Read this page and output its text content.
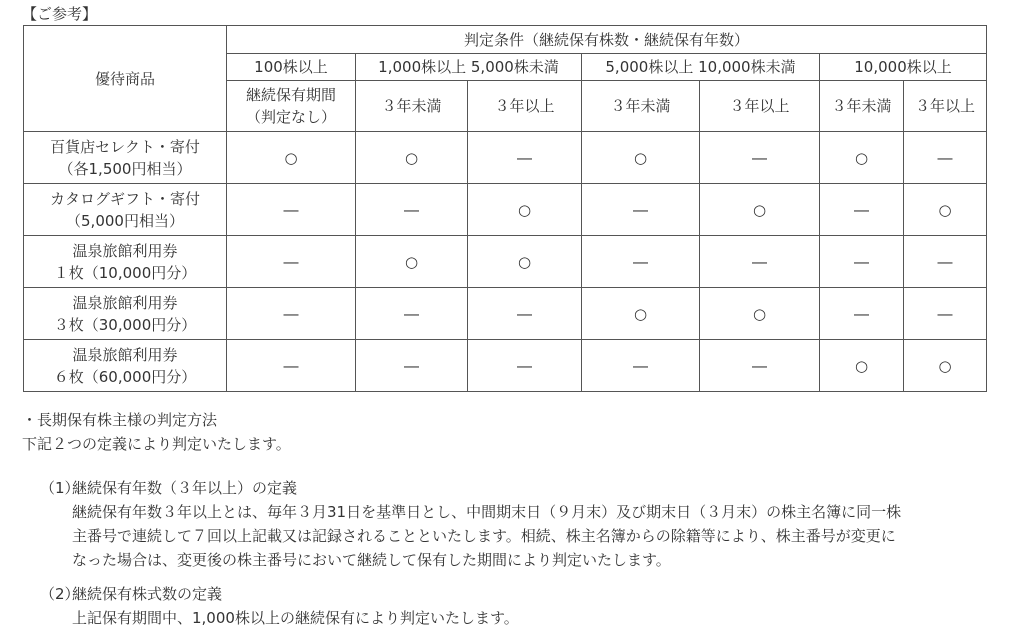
【ご参考】
優待商品	判定条件（継続保有株数・継続保有年数）						
	100株以上	1,000株以上 5,000株未満		5,000株以上 10,000株未満		10,000株以上	

	継続保有期間
（判定なし）	３年未満	３年以上	３年未満	３年以上	３年未満	３年以上

百貨店セレクト・寄付
（各1,500円相当）	○	○	―	○	―	○	―

カタログギフト・寄付
（5,000円相当）	―	―	○	―	○	―	○

温泉旅館利用券
１枚（10,000円分）	―	○	○	―	―	―	―

温泉旅館利用券
３枚（30,000円分）	―	―	―	○	○	―	―

温泉旅館利用券
６枚（60,000円分）	―	―	―	―	―	○	○
・長期保有株主様の判定方法
下記２つの定義により判定いたします。
（1）
継続保有年数（３年以上）の定義
継続保有年数３年以上とは、毎年３月31日を基準日とし、中間期末日（９月末）及び期末日（３月末）の株主名簿に同一株
主番号で連続して７回以上記載又は記録されることといたします。相続、株主名簿からの除籍等により、株主番号が変更に
なった場合は、変更後の株主番号において継続して保有した期間により判定いたします。
（2）
継続保有株式数の定義
上記保有期間中、1,000株以上の継続保有により判定いたします。
